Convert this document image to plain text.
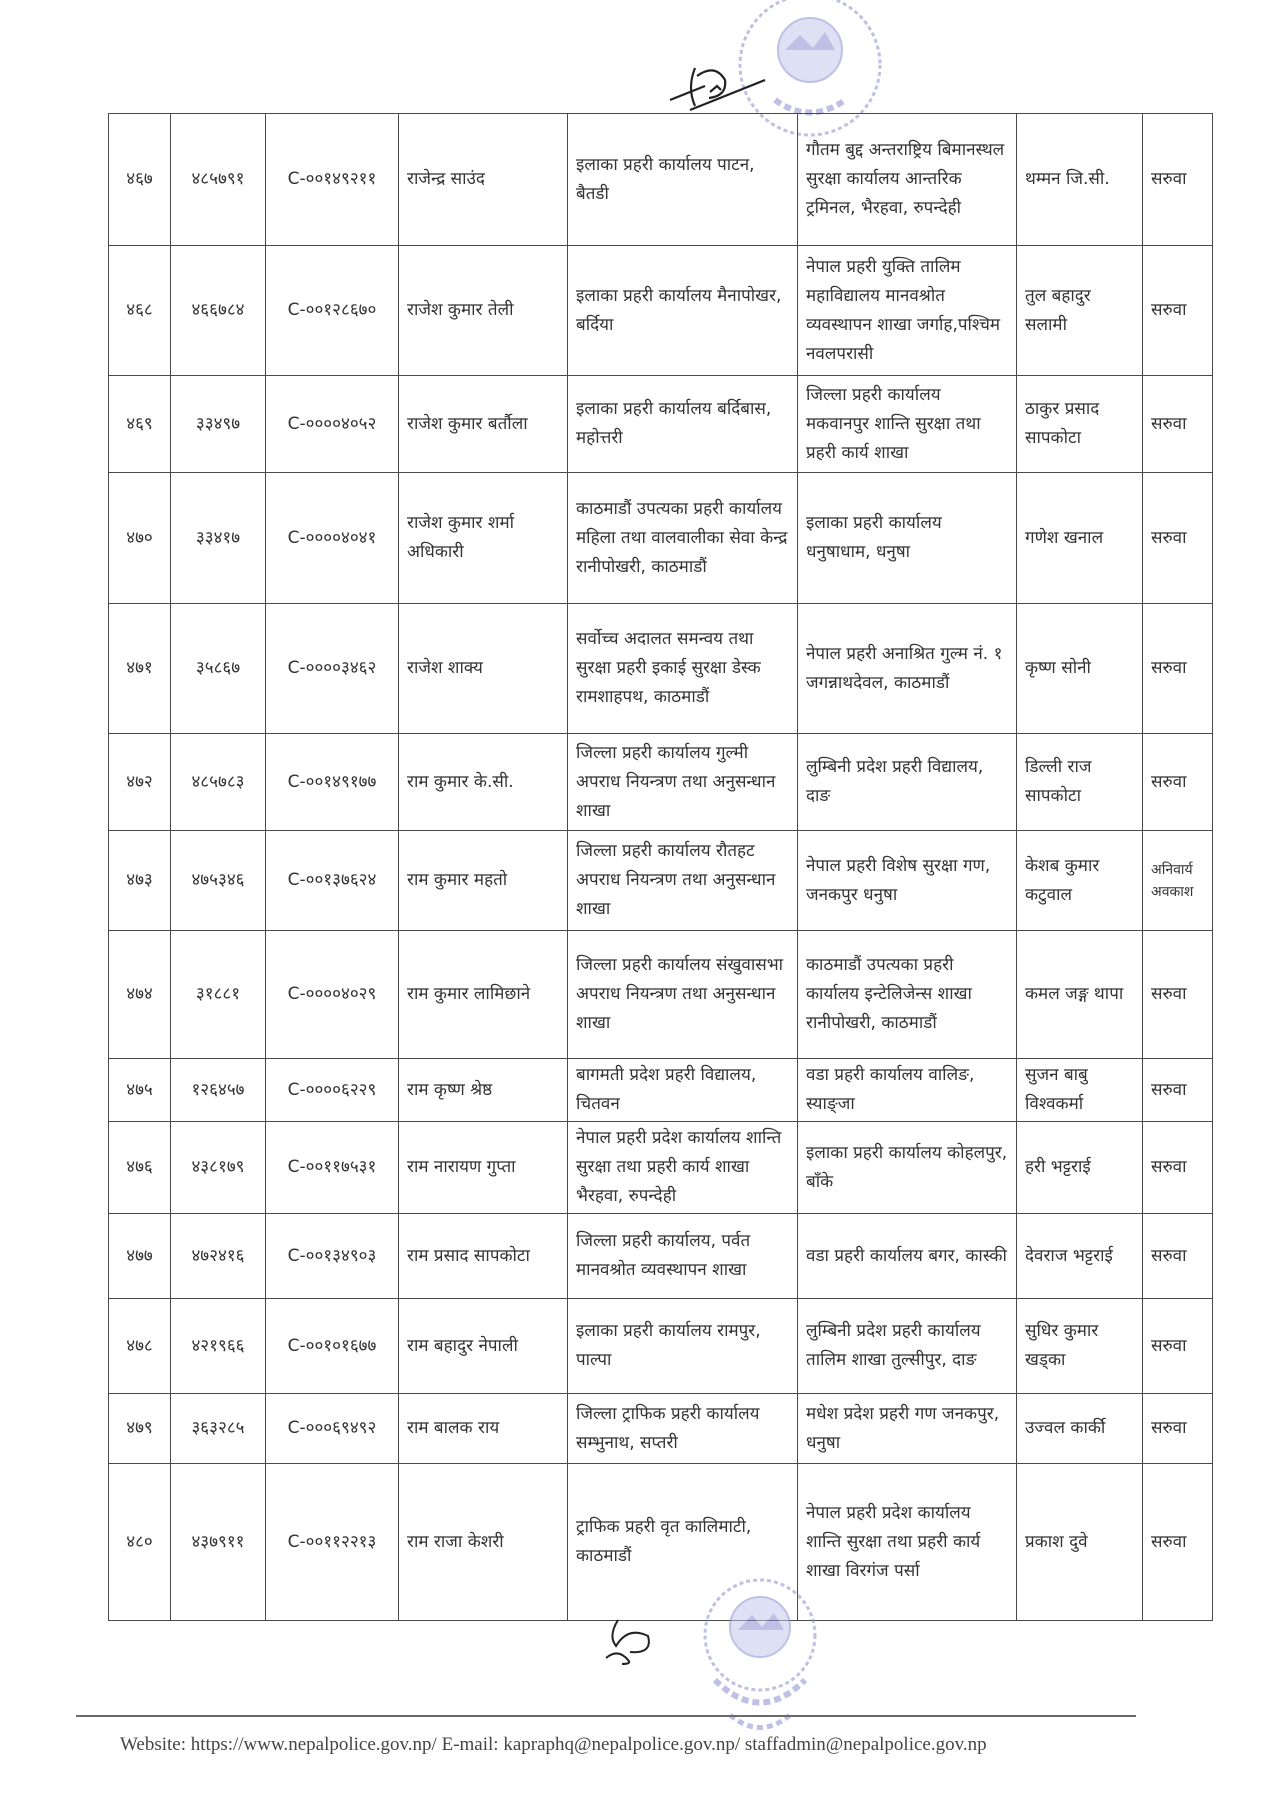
४६७	४८५७९१	C-००१४९२११	राजेन्द्र साउंद	इलाका प्रहरी कार्यालय पाटन, बैतडी	गौतम बुद्द अन्तराष्ट्रिय बिमानस्थल सुरक्षा कार्यालय आन्तरिक ट्रमिनल, भैरहवा, रुपन्देही	थम्मन जि.सी.	सरुवा
४६८	४६६७८४	C-००१२८६७०	राजेश कुमार तेली	इलाका प्रहरी कार्यालय मैनापोखर, बर्दिया	नेपाल प्रहरी युक्ति तालिम महाविद्यालय मानवश्रोत व्यवस्थापन शाखा जर्गाह,पश्चिम नवलपरासी	तुल बहादुर सलामी	सरुवा
४६९	३३४९७	C-००००४०५२	राजेश कुमार बर्तौला	इलाका प्रहरी कार्यालय बर्दिबास, महोत्तरी	जिल्ला प्रहरी कार्यालय मकवानपुर शान्ति सुरक्षा तथा प्रहरी कार्य शाखा	ठाकुर प्रसाद सापकोटा	सरुवा
४७०	३३४१७	C-००००४०४१	राजेश कुमार शर्मा अधिकारी	काठमाडौं उपत्यका प्रहरी कार्यालय महिला तथा वालवालीका सेवा केन्द्र रानीपोखरी, काठमाडौं	इलाका प्रहरी कार्यालय धनुषाधाम, धनुषा	गणेश खनाल	सरुवा
४७१	३५८६७	C-००००३४६२	राजेश शाक्य	सर्वोच्च अदालत समन्वय तथा सुरक्षा प्रहरी इकाई सुरक्षा डेस्क रामशाहपथ, काठमाडौं	नेपाल प्रहरी अनाश्रित गुल्म नं. १ जगन्नाथदेवल, काठमाडौं	कृष्ण सोनी	सरुवा
४७२	४८५७८३	C-००१४९१७७	राम कुमार के.सी.	जिल्ला प्रहरी कार्यालय गुल्मी अपराध नियन्त्रण तथा अनुसन्धान शाखा	लुम्बिनी प्रदेश प्रहरी विद्यालय, दाङ	डिल्ली राज सापकोटा	सरुवा
४७३	४७५३४६	C-००१३७६२४	राम कुमार महतो	जिल्ला प्रहरी कार्यालय रौतहट अपराध नियन्त्रण तथा अनुसन्धान शाखा	नेपाल प्रहरी विशेष सुरक्षा गण, जनकपुर धनुषा	केशब कुमार कटुवाल	अनिवार्य अवकाश
४७४	३१८८१	C-००००४०२९	राम कुमार लामिछाने	जिल्ला प्रहरी कार्यालय संखुवासभा अपराध नियन्त्रण तथा अनुसन्धान शाखा	काठमाडौं उपत्यका प्रहरी कार्यालय इन्टेलिजेन्स शाखा रानीपोखरी, काठमाडौं	कमल जङ्ग थापा	सरुवा
४७५	१२६४५७	C-००००६२२९	राम कृष्ण श्रेष्ठ	बागमती प्रदेश प्रहरी विद्यालय, चितवन	वडा प्रहरी कार्यालय वालिङ, स्याङ्जा	सुजन बाबु विश्वकर्मा	सरुवा
४७६	४३८१७९	C-००११७५३१	राम नारायण गुप्ता	नेपाल प्रहरी प्रदेश कार्यालय शान्ति सुरक्षा तथा प्रहरी कार्य शाखा भैरहवा, रुपन्देही	इलाका प्रहरी कार्यालय कोहलपुर, बाँके	हरी भट्टराई	सरुवा
४७७	४७२४१६	C-००१३४९०३	राम प्रसाद सापकोटा	जिल्ला प्रहरी कार्यालय, पर्वत मानवश्रोत व्यवस्थापन शाखा	वडा प्रहरी कार्यालय बगर, कास्की	देवराज भट्टराई	सरुवा
४७८	४२१९६६	C-००१०१६७७	राम बहादुर नेपाली	इलाका प्रहरी कार्यालय रामपुर, पाल्पा	लुम्बिनी प्रदेश प्रहरी कार्यालय तालिम शाखा तुल्सीपुर, दाङ	सुधिर कुमार खड्का	सरुवा
४७९	३६३२८५	C-०००६९४९२	राम बालक राय	जिल्ला ट्राफिक प्रहरी कार्यालय सम्भुनाथ, सप्तरी	मधेश प्रदेश प्रहरी गण जनकपुर, धनुषा	उज्वल कार्की	सरुवा
४८०	४३७९११	C-००११२२१३	राम राजा केशरी	ट्राफिक प्रहरी वृत कालिमाटी, काठमाडौं	नेपाल प्रहरी प्रदेश कार्यालय शान्ति सुरक्षा तथा प्रहरी कार्य शाखा विरगंज पर्सा	प्रकाश दुवे	सरुवा
Website: https://www.nepalpolice.gov.np/ E-mail: kapraphq@nepalpolice.gov.np/ staffadmin@nepalpolice.gov.np
